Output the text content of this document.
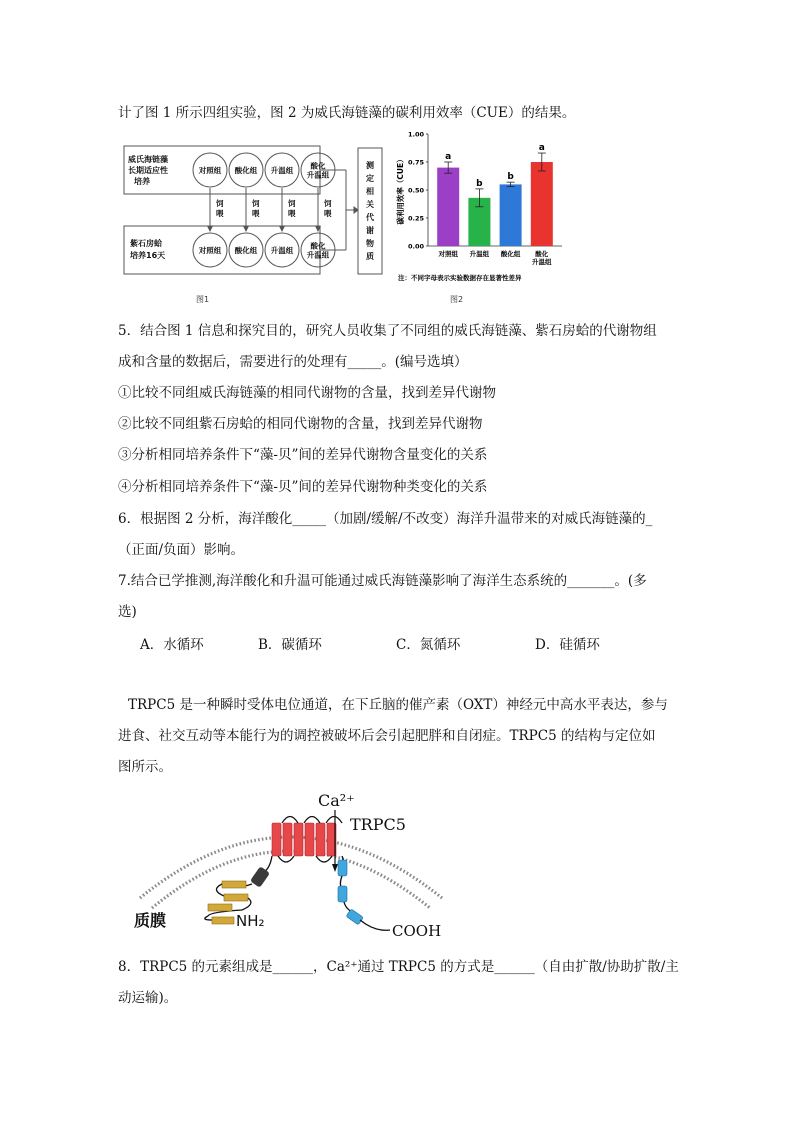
计了图 1 所示四组实验，图 2 为威氏海链藻的碳利用效率（CUE）的结果。
威氏海链藻
长期适应性
培养
紫石房蛤
培养16天
对照组 酸化组 升温组 酸化
升温组
对照组 酸化组 升温组 酸化
升温组
饲
喂
饲
喂
饲
喂
饲
喂
测
定
相
关
代
谢
物
质
图1
0.00
0.25
0.50
0.75
1.00
碳利用效率（CUE）	a
对照组
b
升温组
b
酸化组
a
酸化
升温组
注：不同字母表示实验数据存在显著性差异
图2
5．结合图 1 信息和探究目的，研究人员收集了不同组的威氏海链藻、紫石房蛤的代谢物组
成和含量的数据后，需要进行的处理有_____。(编号选填）
①比较不同组威氏海链藻的相同代谢物的含量，找到差异代谢物
②比较不同组紫石房蛤的相同代谢物的含量，找到差异代谢物
③分析相同培养条件下“藻-贝”间的差异代谢物含量变化的关系
④分析相同培养条件下“藻-贝”间的差异代谢物种类变化的关系
6．根据图 2 分析，海洋酸化_____（加剧/缓解/不改变）海洋升温带来的对威氏海链藻的_
（正面/负面）影响。
7.结合已学推测,海洋酸化和升温可能通过威氏海链藻影响了海洋生态系统的_______。(多
选)
A．水循环	B．碳循环	C．氮循环	D．硅循环
TRPC5 是一种瞬时受体电位通道，在下丘脑的催产素（OXT）神经元中高水平表达，参与
进食、社交互动等本能行为的调控被破坏后会引起肥胖和自闭症。TRPC5 的结构与定位如
图所示。
Ca²⁺
TRPC5
NH₂
COOH
质膜
8．TRPC5 的元素组成是______，Ca²⁺通过 TRPC5 的方式是______（自由扩散/协助扩散/主
动运输)。
